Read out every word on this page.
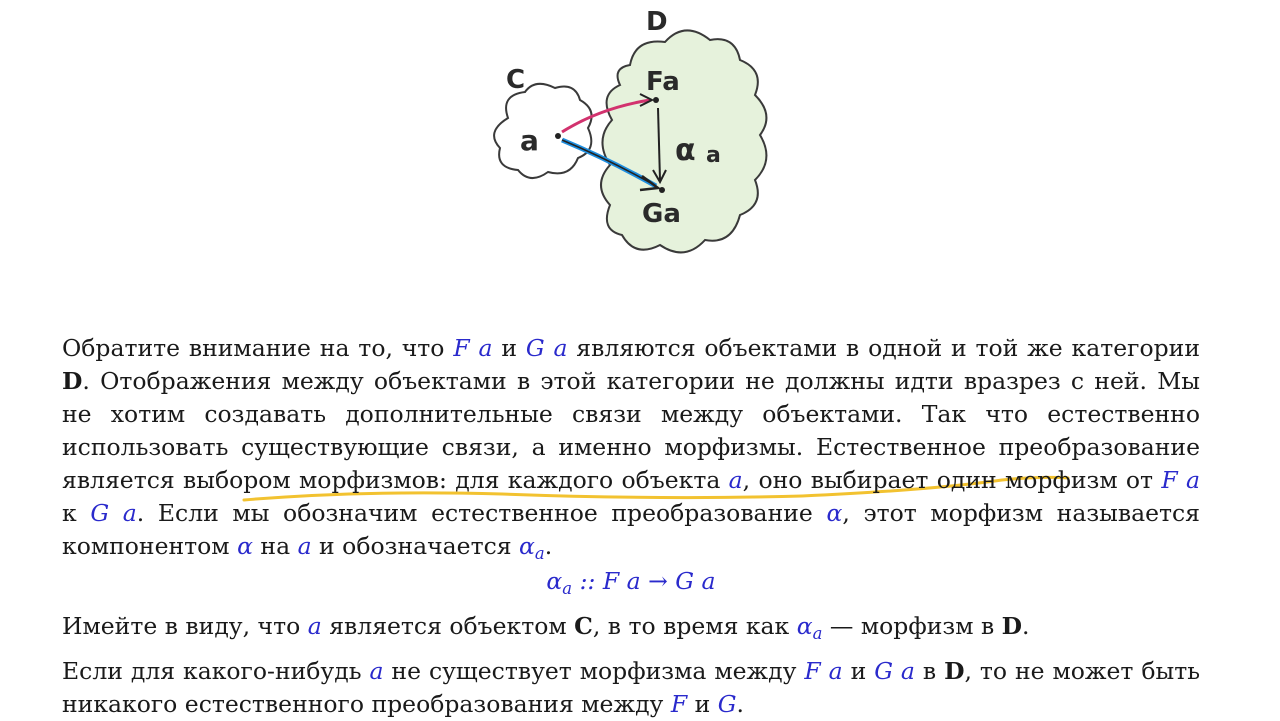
C
D
a
Fa
Ga
α a

Обратите внимание на то, что F a и G a являются объектами в одной и той же категории D. Отображения между объектами в этой категории не должны идти вразрез с ней. Мы не хотим создавать дополнительные связи между объектами. Так что естественно использовать существующие связи, а именно морфизмы. Естественное преобразование является выбором морфизмов: для каждого объекта a, оно выбирает один морфизм от F a к G a. Если мы обозначим естественное преобразование α, этот морфизм называется компонентом α на a и обозначается $\alpha_a$.

$\alpha_a$ :: F a → G a

Имейте в виду, что a является объектом C, в то время как $\alpha_a$ — морфизм в D.

Если для какого-нибудь a не существует морфизма между F a и G a в D, то не может быть никакого естественного преобразования между F и G.
